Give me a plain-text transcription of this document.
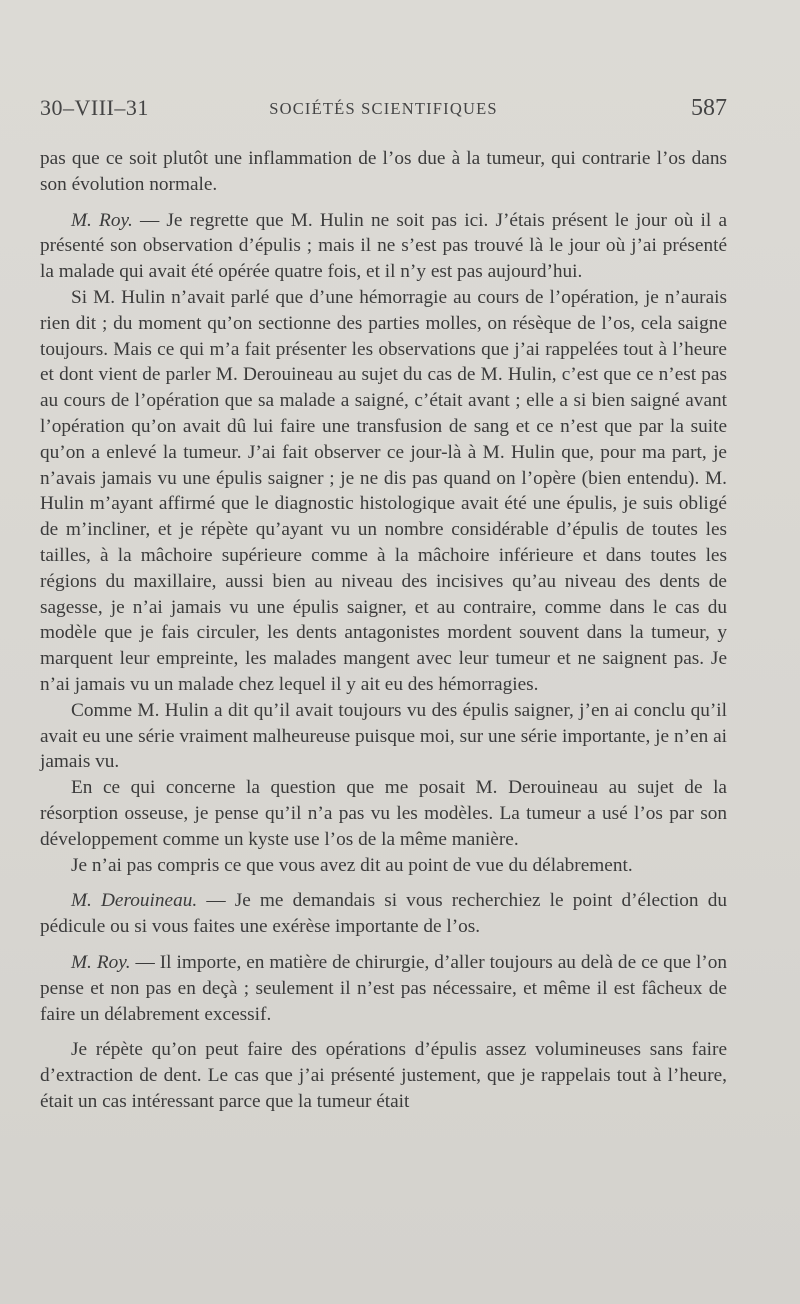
30–VIII–31	SOCIÉTÉS SCIENTIFIQUES	587

pas que ce soit plutôt une inflammation de l’os due à la tumeur, qui contrarie l’os dans son évolution normale.

M. Roy. — Je regrette que M. Hulin ne soit pas ici. J’étais présent le jour où il a présenté son observation d’épulis ; mais il ne s’est pas trouvé là le jour où j’ai présenté la malade qui avait été opérée quatre fois, et il n’y est pas aujourd’hui.

Si M. Hulin n’avait parlé que d’une hémorragie au cours de l’opération, je n’aurais rien dit ; du moment qu’on sectionne des parties molles, on résèque de l’os, cela saigne toujours. Mais ce qui m’a fait présenter les observations que j’ai rappelées tout à l’heure et dont vient de parler M. Derouineau au sujet du cas de M. Hulin, c’est que ce n’est pas au cours de l’opération que sa malade a saigné, c’était avant ; elle a si bien saigné avant l’opération qu’on avait dû lui faire une transfusion de sang et ce n’est que par la suite qu’on a enlevé la tumeur. J’ai fait observer ce jour-là à M. Hulin que, pour ma part, je n’avais jamais vu une épulis saigner ; je ne dis pas quand on l’opère (bien entendu). M. Hulin m’ayant affirmé que le diagnostic histologique avait été une épulis, je suis obligé de m’incliner, et je répète qu’ayant vu un nombre considérable d’épulis de toutes les tailles, à la mâchoire supérieure comme à la mâchoire inférieure et dans toutes les régions du maxillaire, aussi bien au niveau des incisives qu’au niveau des dents de sagesse, je n’ai jamais vu une épulis saigner, et au contraire, comme dans le cas du modèle que je fais circuler, les dents antagonistes mordent souvent dans la tumeur, y marquent leur empreinte, les malades mangent avec leur tumeur et ne saignent pas. Je n’ai jamais vu un malade chez lequel il y ait eu des hémorragies.

Comme M. Hulin a dit qu’il avait toujours vu des épulis saigner, j’en ai conclu qu’il avait eu une série vraiment malheureuse puisque moi, sur une série importante, je n’en ai jamais vu.

En ce qui concerne la question que me posait M. Derouineau au sujet de la résorption osseuse, je pense qu’il n’a pas vu les modèles. La tumeur a usé l’os par son développement comme un kyste use l’os de la même manière.

Je n’ai pas compris ce que vous avez dit au point de vue du délabrement.

M. Derouineau. — Je me demandais si vous recherchiez le point d’élection du pédicule ou si vous faites une exérèse importante de l’os.

M. Roy. — Il importe, en matière de chirurgie, d’aller toujours au delà de ce que l’on pense et non pas en deçà ; seulement il n’est pas nécessaire, et même il est fâcheux de faire un délabrement excessif.

Je répète qu’on peut faire des opérations d’épulis assez volumineuses sans faire d’extraction de dent. Le cas que j’ai présenté justement, que je rappelais tout à l’heure, était un cas intéressant parce que la tumeur était
